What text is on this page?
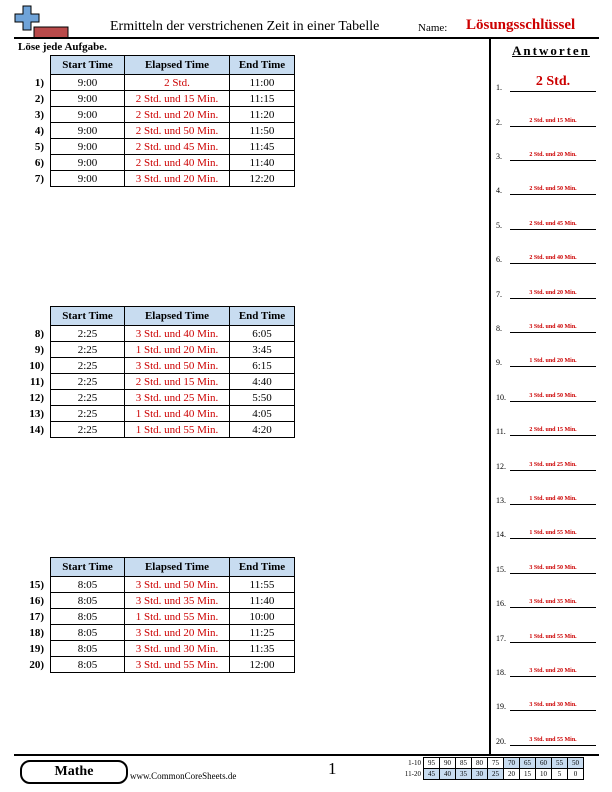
Ermitteln der verstrichenen Zeit in einer Tabelle	Name: Lösungsschlüssel
Löse jede Aufgabe.	Antworten
	Start Time	Elapsed Time	End Time
1)	9:00	2 Std.	11:00
2)	9:00	2 Std. und 15 Min.	11:15
3)	9:00	2 Std. und 20 Min.	11:20
4)	9:00	2 Std. und 50 Min.	11:50
5)	9:00	2 Std. und 45 Min.	11:45
6)	9:00	2 Std. und 40 Min.	11:40
7)	9:00	3 Std. und 20 Min.	12:20
	Start Time	Elapsed Time	End Time
8)	2:25	3 Std. und 40 Min.	6:05
9)	2:25	1 Std. und 20 Min.	3:45
10)	2:25	3 Std. und 50 Min.	6:15
11)	2:25	2 Std. und 15 Min.	4:40
12)	2:25	3 Std. und 25 Min.	5:50
13)	2:25	1 Std. und 40 Min.	4:05
14)	2:25	1 Std. und 55 Min.	4:20
	Start Time	Elapsed Time	End Time
15)	8:05	3 Std. und 50 Min.	11:55
16)	8:05	3 Std. und 35 Min.	11:40
17)	8:05	1 Std. und 55 Min.	10:00
18)	8:05	3 Std. und 20 Min.	11:25
19)	8:05	3 Std. und 30 Min.	11:35
20)	8:05	3 Std. und 55 Min.	12:00
1.	2 Std.
2.	2 Std. und 15 Min.
3.	2 Std. und 20 Min.
4.	2 Std. und 50 Min.
5.	2 Std. und 45 Min.
6.	2 Std. und 40 Min.
7.	3 Std. und 20 Min.
8.	3 Std. und 40 Min.
9.	1 Std. und 20 Min.
10.	3 Std. und 50 Min.
11.	2 Std. und 15 Min.
12.	3 Std. und 25 Min.
13.	1 Std. und 40 Min.
14.	1 Std. und 55 Min.
15.	3 Std. und 50 Min.
16.	3 Std. und 35 Min.
17.	1 Std. und 55 Min.
18.	3 Std. und 20 Min.
19.	3 Std. und 30 Min.
20.	3 Std. und 55 Min.
Mathe	www.CommonCoreSheets.de	1	1-10	95	90	85	80	75	70	65	60	55	50
11-20	45	40	35	30	25	20	15	10	5	0
